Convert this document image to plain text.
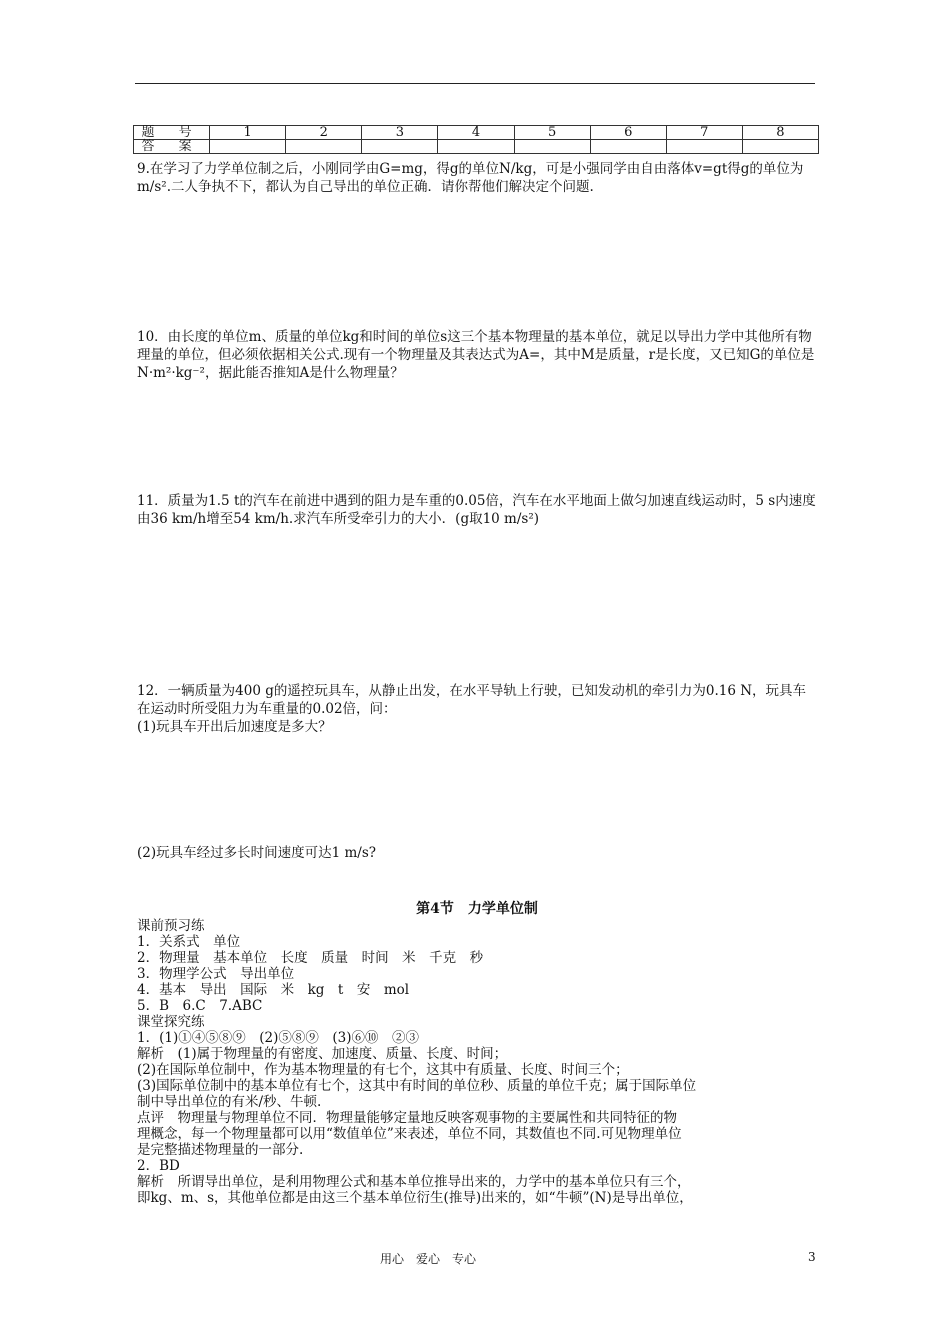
题 号	1	2	3	4	5	6	7	8
答 案								
9.在学习了力学单位制之后，小刚同学由G=mg，得g的单位N/kg，可是小强同学由自由落体v=gt得g的单位为m/s².二人争执不下，都认为自己导出的单位正确．请你帮他们解决定个问题.
10．由长度的单位m、质量的单位kg和时间的单位s这三个基本物理量的基本单位，就足以导出力学中其他所有物理量的单位，但必须依据相关公式.现有一个物理量及其表达式为A=，其中M是质量，r是长度，又已知G的单位是N·m²·kg⁻²，据此能否推知A是什么物理量？
11．质量为1.5 t的汽车在前进中遇到的阻力是车重的0.05倍，汽车在水平地面上做匀加速直线运动时，5 s内速度由36 km/h增至54 km/h.求汽车所受牵引力的大小．(g取10 m/s²)
12．一辆质量为400 g的遥控玩具车，从静止出发，在水平导轨上行驶，已知发动机的牵引力为0.16 N，玩具车在运动时所受阻力为车重量的0.02倍，问：
(1)玩具车开出后加速度是多大？
(2)玩具车经过多长时间速度可达1 m/s?
第4节　力学单位制
课前预习练
1．关系式　单位
2．物理量　基本单位　长度　质量　时间　米　千克　秒
3．物理学公式　导出单位
4．基本　导出　国际　米　kg　t　安　mol
5．B　6.C　7.ABC
课堂探究练
1．(1)①④⑤⑧⑨　(2)⑤⑧⑨　(3)⑥⑩　②③
解析　(1)属于物理量的有密度、加速度、质量、长度、时间；
(2)在国际单位制中，作为基本物理量的有七个，这其中有质量、长度、时间三个；
(3)国际单位制中的基本单位有七个，这其中有时间的单位秒、质量的单位千克；属于国际单位
制中导出单位的有米/秒、牛顿.
点评　物理量与物理单位不同．物理量能够定量地反映客观事物的主要属性和共同特征的物
理概念，每一个物理量都可以用“数值单位”来表述，单位不同，其数值也不同.可见物理单位
是完整描述物理量的一部分.
2．BD
解析　所谓导出单位，是利用物理公式和基本单位推导出来的，力学中的基本单位只有三个，
即kg、m、s，其他单位都是由这三个基本单位衍生(推导)出来的，如“牛顿”(N)是导出单位，
用心　爱心　专心	3
